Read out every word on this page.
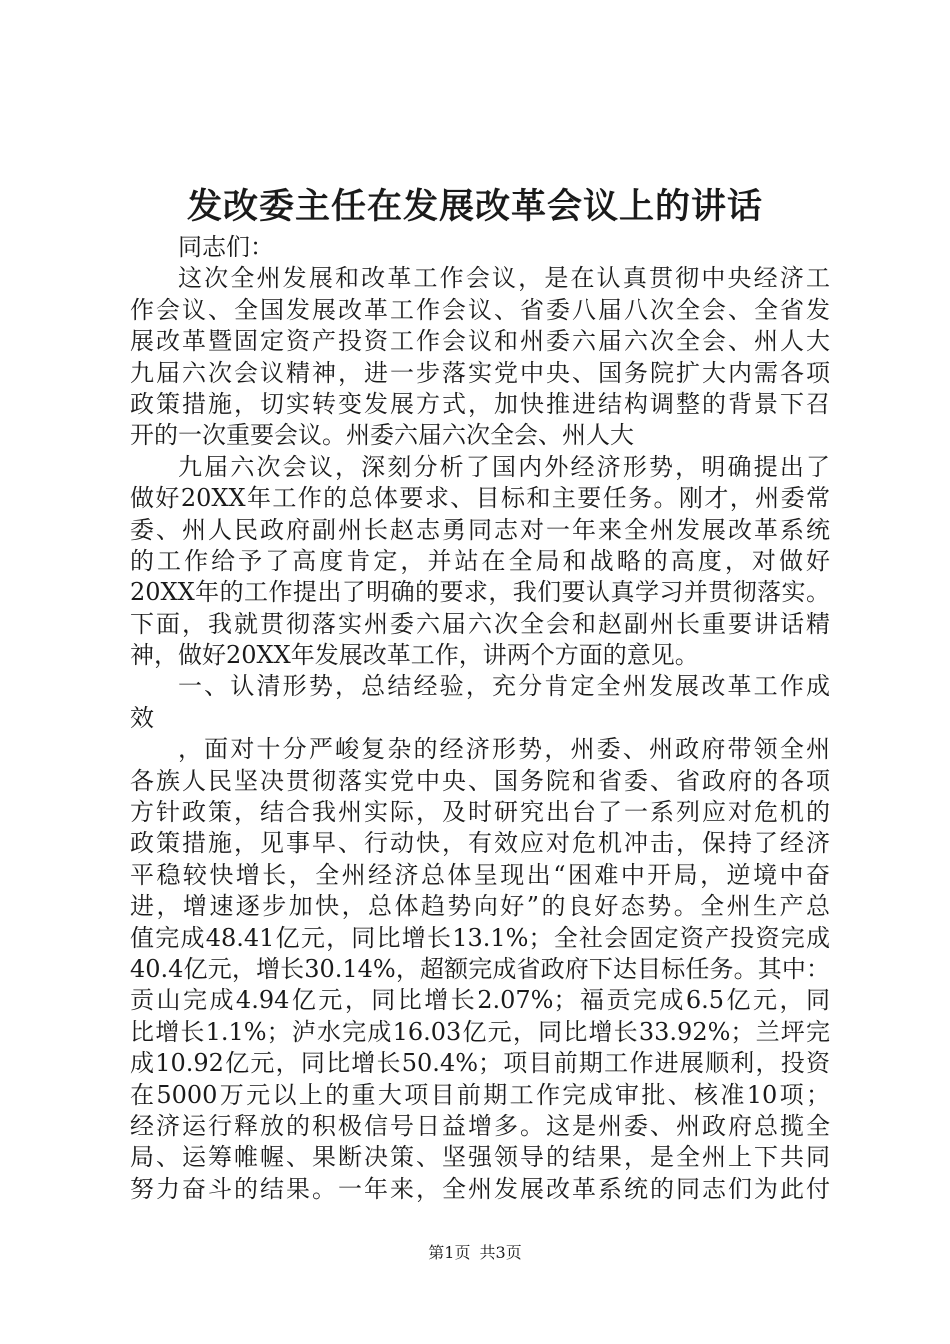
发改委主任在发展改革会议上的讲话

同志们：

这次全州发展和改革工作会议，是在认真贯彻中央经济工

作会议、全国发展改革工作会议、省委八届八次全会、全省发

展改革暨固定资产投资工作会议和州委六届六次全会、州人大

九届六次会议精神，进一步落实党中央、国务院扩大内需各项

政策措施，切实转变发展方式，加快推进结构调整的背景下召

开的一次重要会议。州委六届六次全会、州人大

九届六次会议，深刻分析了国内外经济形势，明确提出了

做好20XX年工作的总体要求、目标和主要任务。刚才，州委常

委、州人民政府副州长赵志勇同志对一年来全州发展改革系统

的工作给予了高度肯定，并站在全局和战略的高度，对做好

20XX年的工作提出了明确的要求，我们要认真学习并贯彻落实。

下面，我就贯彻落实州委六届六次全会和赵副州长重要讲话精

神，做好20XX年发展改革工作，讲两个方面的意见。

一、认清形势，总结经验，充分肯定全州发展改革工作成

效

，面对十分严峻复杂的经济形势，州委、州政府带领全州

各族人民坚决贯彻落实党中央、国务院和省委、省政府的各项

方针政策，结合我州实际，及时研究出台了一系列应对危机的

政策措施，见事早、行动快，有效应对危机冲击，保持了经济

平稳较快增长，全州经济总体呈现出“困难中开局，逆境中奋

进，增速逐步加快，总体趋势向好”的良好态势。全州生产总

值完成48.41亿元，同比增长13.1%；全社会固定资产投资完成

40.4亿元，增长30.14%，超额完成省政府下达目标任务。其中：

贡山完成4.94亿元，同比增长2.07%；福贡完成6.5亿元，同

比增长1.1%；泸水完成16.03亿元，同比增长33.92%；兰坪完

成10.92亿元，同比增长50.4%；项目前期工作进展顺利，投资

在5000万元以上的重大项目前期工作完成审批、核准10项；

经济运行释放的积极信号日益增多。这是州委、州政府总揽全

局、运筹帷幄、果断决策、坚强领导的结果，是全州上下共同

努力奋斗的结果。一年来，全州发展改革系统的同志们为此付

第1页 共3页
